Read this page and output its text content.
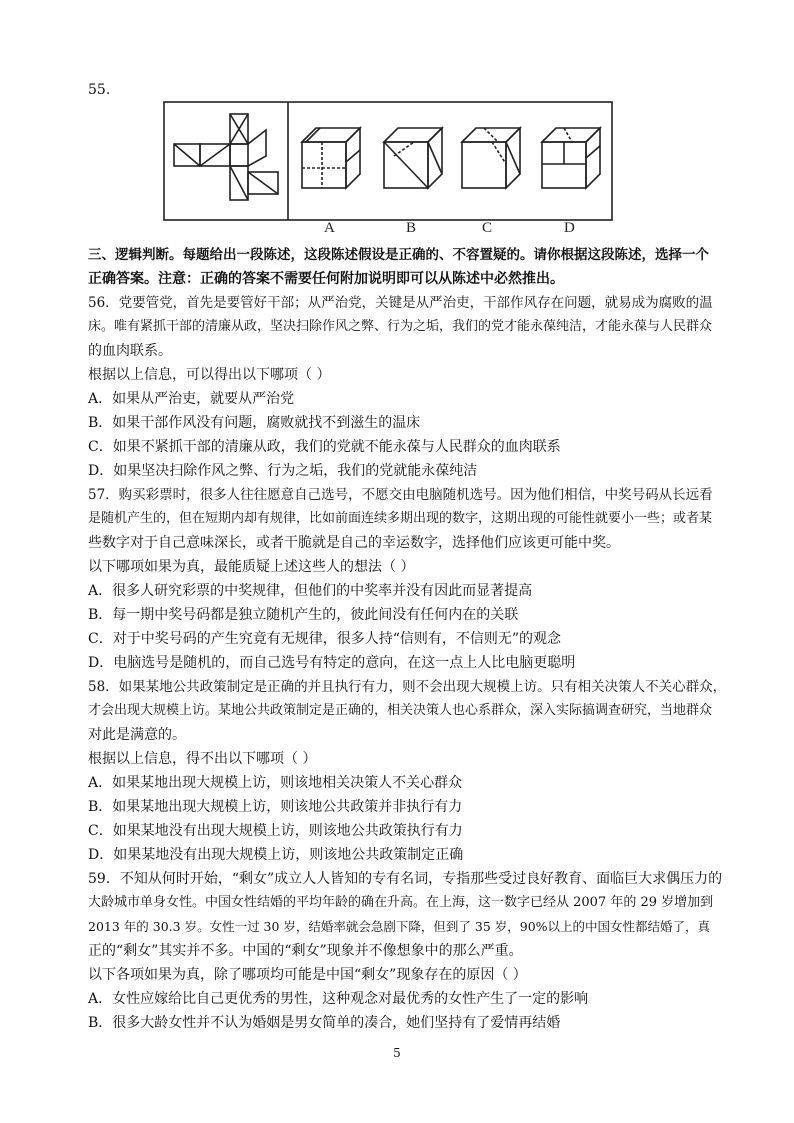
55.
A	B	C	D
三、逻辑判断。每题给出一段陈述，这段陈述假设是正确的、不容置疑的。请你根据这段陈述，选择一个
正确答案。注意：正确的答案不需要任何附加说明即可以从陈述中必然推出。
56．党要管党，首先是要管好干部；从严治党，关键是从严治吏，干部作风存在问题，就易成为腐败的温
床。唯有紧抓干部的清廉从政，坚决扫除作风之弊、行为之垢，我们的党才能永葆纯洁，才能永葆与人民群众
的血肉联系。
根据以上信息，可以得出以下哪项（ ）
A．如果从严治吏，就要从严治党
B．如果干部作风没有问题，腐败就找不到滋生的温床
C．如果不紧抓干部的清廉从政，我们的党就不能永葆与人民群众的血肉联系
D．如果坚决扫除作风之弊、行为之垢，我们的党就能永葆纯洁
57．购买彩票时，很多人往往愿意自己选号，不愿交由电脑随机选号。因为他们相信，中奖号码从长远看
是随机产生的，但在短期内却有规律，比如前面连续多期出现的数字，这期出现的可能性就要小一些；或者某
些数字对于自己意味深长，或者干脆就是自己的幸运数字，选择他们应该更可能中奖。
以下哪项如果为真，最能质疑上述这些人的想法（ ）
A．很多人研究彩票的中奖规律，但他们的中奖率并没有因此而显著提高
B．每一期中奖号码都是独立随机产生的，彼此间没有任何内在的关联
C．对于中奖号码的产生究竟有无规律，很多人持“信则有，不信则无”的观念
D．电脑选号是随机的，而自己选号有特定的意向，在这一点上人比电脑更聪明
58．如果某地公共政策制定是正确的并且执行有力，则不会出现大规模上访。只有相关决策人不关心群众，
才会出现大规模上访。某地公共政策制定是正确的，相关决策人也心系群众，深入实际搞调查研究，当地群众
对此是满意的。
根据以上信息，得不出以下哪项（ ）
A．如果某地出现大规模上访，则该地相关决策人不关心群众
B．如果某地出现大规模上访，则该地公共政策并非执行有力
C．如果某地没有出现大规模上访，则该地公共政策执行有力
D．如果某地没有出现大规模上访，则该地公共政策制定正确
59．不知从何时开始，“剩女”成立人人皆知的专有名词，专指那些受过良好教育、面临巨大求偶压力的
大龄城市单身女性。中国女性结婚的平均年龄的确在升高。在上海，这一数字已经从 2007 年的 29 岁增加到
2013 年的 30.3 岁。女性一过 30 岁，结婚率就会急剧下降，但到了 35 岁，90%以上的中国女性都结婚了，真
正的“剩女”其实并不多。中国的“剩女”现象并不像想象中的那么严重。
以下各项如果为真，除了哪项均可能是中国“剩女”现象存在的原因（ ）
A．女性应嫁给比自己更优秀的男性，这种观念对最优秀的女性产生了一定的影响
B．很多大龄女性并不认为婚姻是男女简单的凑合，她们坚持有了爱情再结婚
5
